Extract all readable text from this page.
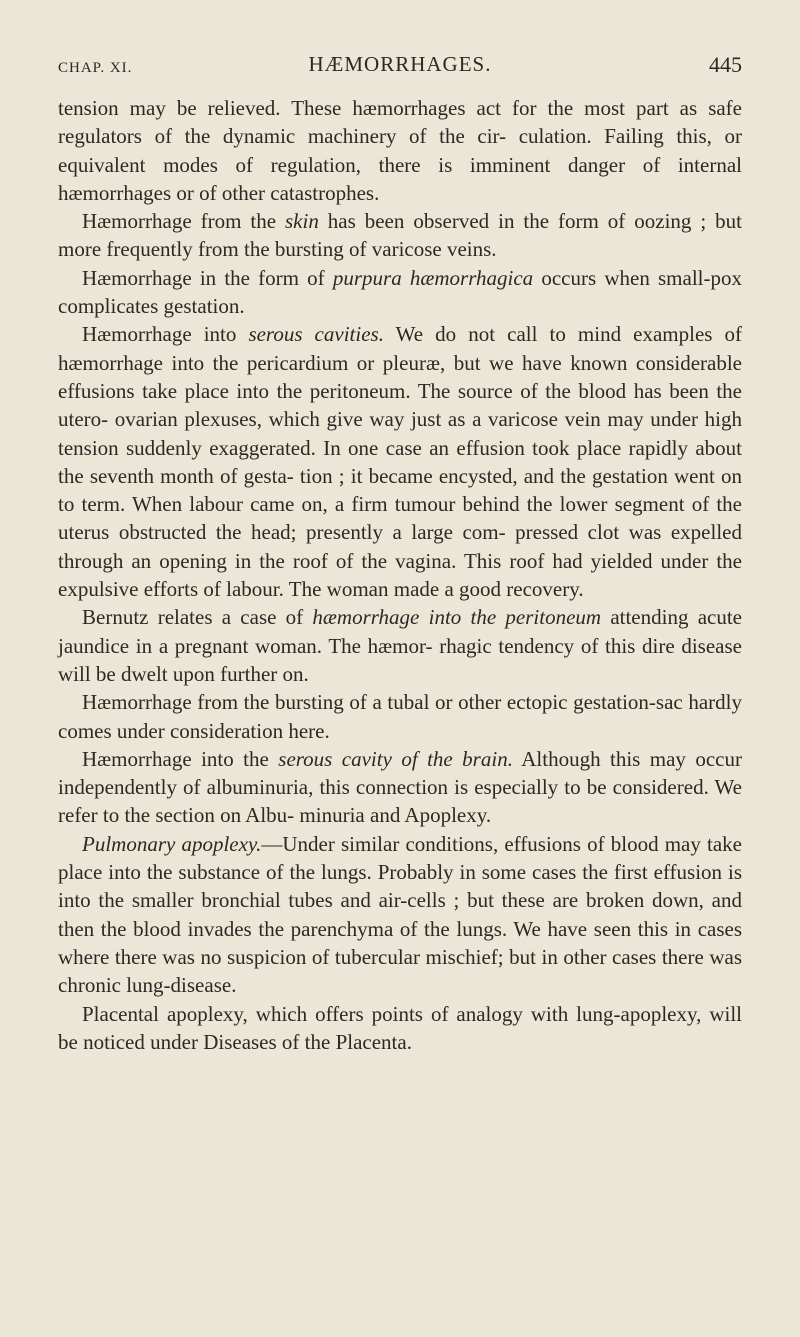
CHAP. XI.	HÆMORRHAGES.	445

tension may be relieved. These hæmorrhages act for the most part as safe regulators of the dynamic machinery of the cir- culation. Failing this, or equivalent modes of regulation, there is imminent danger of internal hæmorrhages or of other catastrophes.

Hæmorrhage from the skin has been observed in the form of oozing ; but more frequently from the bursting of varicose veins.

Hæmorrhage in the form of purpura hæmorrhagica occurs when small-pox complicates gestation.

Hæmorrhage into serous cavities. We do not call to mind examples of hæmorrhage into the pericardium or pleuræ, but we have known considerable effusions take place into the peritoneum. The source of the blood has been the utero- ovarian plexuses, which give way just as a varicose vein may under high tension suddenly exaggerated. In one case an effusion took place rapidly about the seventh month of gesta- tion ; it became encysted, and the gestation went on to term. When labour came on, a firm tumour behind the lower segment of the uterus obstructed the head; presently a large com- pressed clot was expelled through an opening in the roof of the vagina. This roof had yielded under the expulsive efforts of labour. The woman made a good recovery.

Bernutz relates a case of hæmorrhage into the peritoneum attending acute jaundice in a pregnant woman. The hæmor- rhagic tendency of this dire disease will be dwelt upon further on.

Hæmorrhage from the bursting of a tubal or other ectopic gestation-sac hardly comes under consideration here.

Hæmorrhage into the serous cavity of the brain. Although this may occur independently of albuminuria, this connection is especially to be considered. We refer to the section on Albu- minuria and Apoplexy.

Pulmonary apoplexy.—Under similar conditions, effusions of blood may take place into the substance of the lungs. Probably in some cases the first effusion is into the smaller bronchial tubes and air-cells ; but these are broken down, and then the blood invades the parenchyma of the lungs. We have seen this in cases where there was no suspicion of tubercular mischief; but in other cases there was chronic lung-disease.

Placental apoplexy, which offers points of analogy with lung-apoplexy, will be noticed under Diseases of the Placenta.
